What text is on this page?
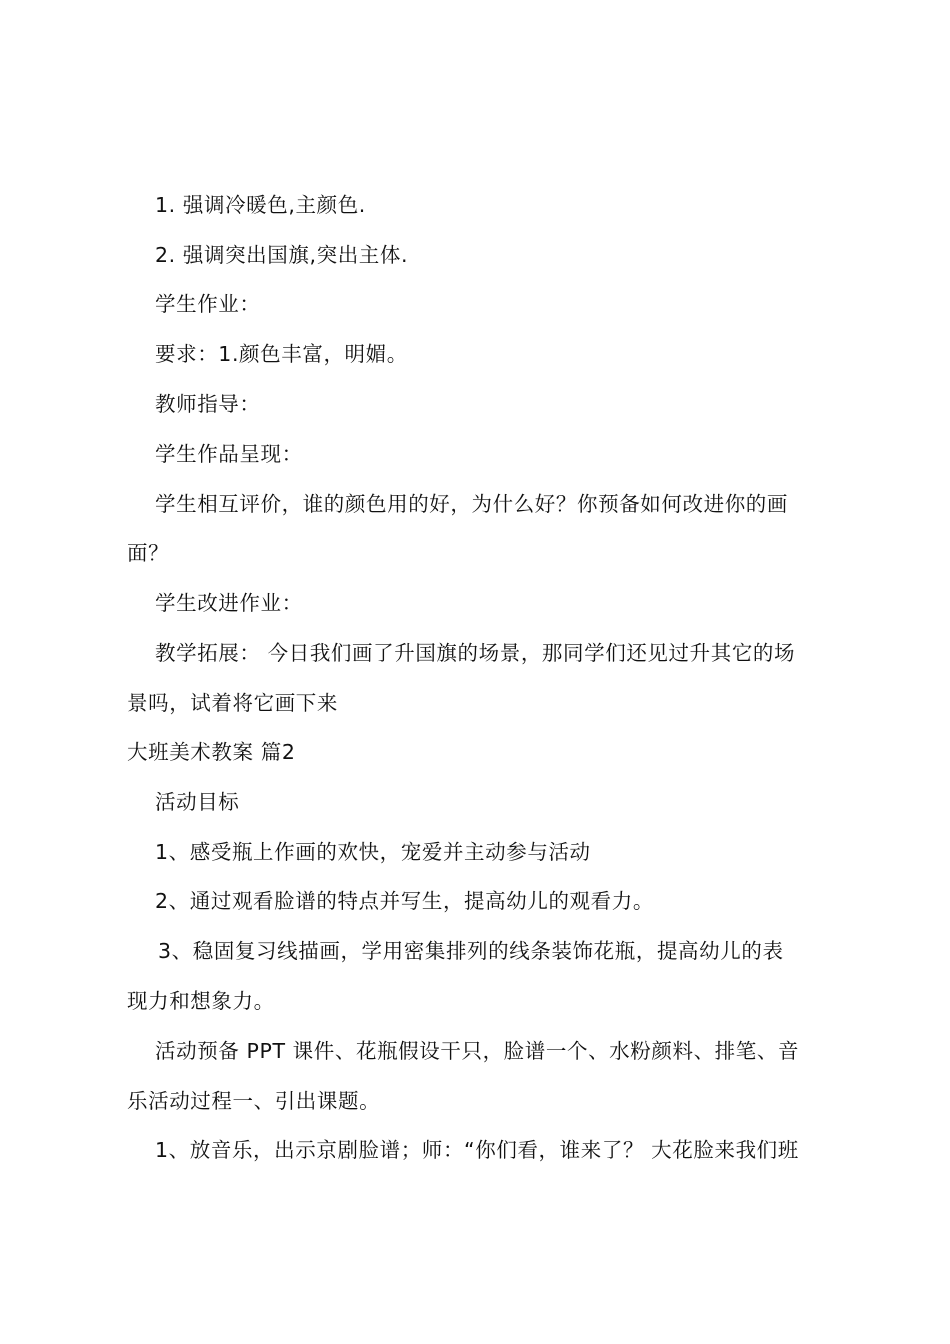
1. 强调冷暖色,主颜色.
2. 强调突出国旗,突出主体.
学生作业：
要求：1.颜色丰富，明媚。
教师指导：
学生作品呈现：
学生相互评价，谁的颜色用的好，为什么好？你预备如何改进你的画
面？
学生改进作业：
教学拓展： 今日我们画了升国旗的场景，那同学们还见过升其它的场
景吗，试着将它画下来
大班美术教案 篇2
活动目标
1、感受瓶上作画的欢快，宠爱并主动参与活动
2、通过观看脸谱的特点并写生，提高幼儿的观看力。
3、稳固复习线描画，学用密集排列的线条装饰花瓶，提高幼儿的表
现力和想象力。
活动预备 PPT 课件、花瓶假设干只，脸谱一个、水粉颜料、排笔、音
乐活动过程一、引出课题。
1、放音乐，出示京剧脸谱；师：“你们看，谁来了？ 大花脸来我们班
